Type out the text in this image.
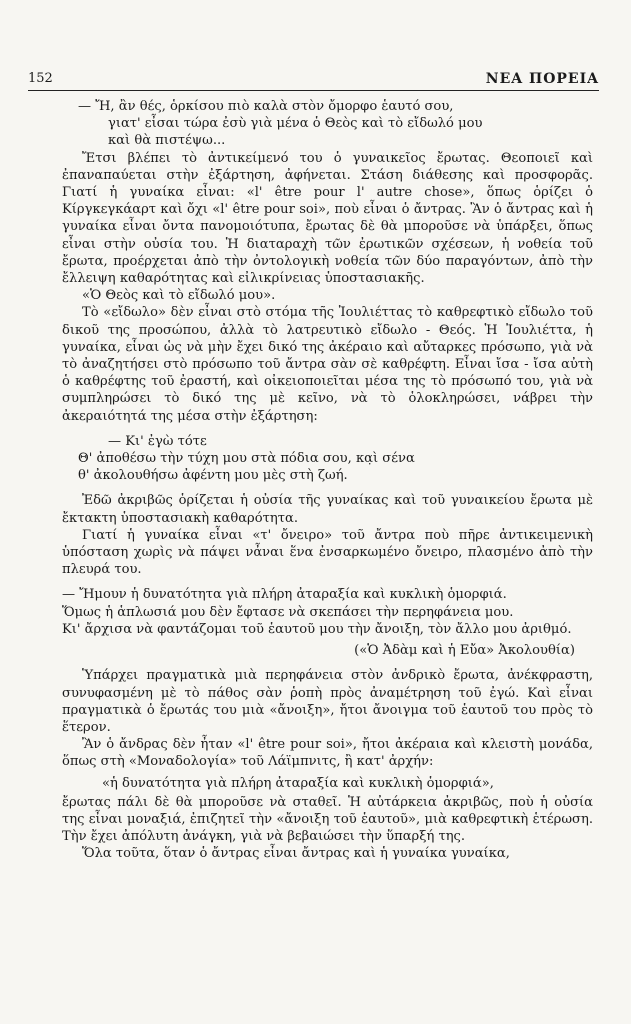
152	ΝΕΑ ΠΟΡΕΙΑ
— Ἤ, ἂν θές, ὁρκίσου πιὸ καλὰ στὸν ὄμορφο ἑαυτό σου,
γιατ' εἶσαι τώρα ἐσὺ γιὰ μένα ὁ Θεὸς καὶ τὸ εἴδωλό μου
καὶ θὰ πιστέψω...

Ἔτσι βλέπει τὸ ἀντικείμενό του ὁ γυναικεῖος ἔρωτας. Θεοποιεῖ καὶ ἐπαναπαύεται στὴν ἐξάρτηση, ἀφήνεται. Στάση διάθεσης καὶ προσφορᾶς. Γιατί ἡ γυναίκα εἶναι: «l' être pour l' autre chose», ὅπως ὁρίζει ὁ Κίργκεγκάαρτ καὶ ὄχι «l' être pour soi», ποὺ εἶναι ὁ ἄντρας. Ἂν ὁ ἄντρας καὶ ἡ γυναίκα εἶναι ὄντα πανομοιότυπα, ἔρωτας δὲ θὰ μποροῦσε νὰ ὑπάρξει, ὅπως εἶναι στὴν οὐσία του. Ἡ διαταραχὴ τῶν ἐρωτικῶν σχέσεων, ἡ νοθεία τοῦ ἔρωτα, προέρχεται ἀπὸ τὴν ὀντολογικὴ νοθεία τῶν δύο παραγόντων, ἀπὸ τὴν ἔλλειψη καθαρότητας καὶ εἰλικρίνειας ὑποστασιακῆς.

«Ὁ Θεὸς καὶ τὸ εἴδωλό μου».

Τὸ «εἴδωλο» δὲν εἶναι στὸ στόμα τῆς Ἰουλιέττας τὸ καθρεφτικὸ εἴδωλο τοῦ δικοῦ της προσώπου, ἀλλὰ τὸ λατρευτικὸ εἴδωλο - Θεός. Ἡ Ἰουλιέττα, ἡ γυναίκα, εἶναι ὡς νὰ μὴν ἔχει δικό της ἀκέραιο καὶ αὔταρκες πρόσωπο, γιὰ νὰ τὸ ἀναζητήσει στὸ πρόσωπο τοῦ ἄντρα σὰν σὲ καθρέφτη. Εἶναι ἴσα - ἴσα αὐτὴ ὁ καθρέφτης τοῦ ἐραστή, καὶ οἰκειοποιεῖται μέσα της τὸ πρόσωπό του, γιὰ νὰ συμπληρώσει τὸ δικό της μὲ κεῖνο, νὰ τὸ ὁλοκληρώσει, νάβρει τὴν ἀκεραιότητά της μέσα στὴν ἐξάρτηση:

— Κι' ἐγὼ τότε
Θ' ἀποθέσω τὴν τύχη μου στὰ πόδια σου, κα̣ὶ σένα
θ' ἀκολουθήσω ἀφέντη μου μὲς στὴ ζωή.

Ἐδῶ ἀκριβῶς ὁρίζεται ἡ οὐσία τῆς γυναίκας καὶ τοῦ γυναικείου ἔρωτα μὲ ἔκτακτη ὑποστασιακὴ καθαρότητα.

Γιατί ἡ γυναίκα εἶναι «τ' ὄνειρο» τοῦ ἄντρα ποὺ πῆρε ἀντικειμενικὴ ὑπόσταση χωρὶς νὰ πάψει νἆναι ἕνα ἐνσαρκωμένο ὄνειρο, πλασμένο ἀπὸ τὴν πλευρά του.

— Ἤμουν ἡ δυνατότητα γιὰ πλήρη ἀταραξία καὶ κυκλικὴ ὁμορφιά.
Ὅμως ἡ ἁπλωσιά μου δὲν ἔφτασε νὰ σκεπάσει τὴν περηφάνεια μου.
Κι' ἄρχισα νὰ φαντάζομαι τοῦ ἑαυτοῦ μου τὴν ἄνοιξη, τὸν ἄλλο μου ἀριθμό.
(«Ὁ Ἀδὰμ καὶ ἡ Εὔα» Ἀκολουθία)

Ὑπάρχει πραγματικὰ μιὰ περηφάνεια στὸν ἀνδρικὸ ἔρωτα, ἀνέκφραστη, συνυφασμένη μὲ τὸ πάθος σὰν ῥοπὴ πρὸς ἀναμέτρηση τοῦ ἐγώ. Καὶ εἶναι πραγματικὰ ὁ ἔρωτάς του μιὰ «ἄνοιξη», ἤτοι ἄνοιγμα τοῦ ἑαυτοῦ του πρὸς τὸ ἕτερον.

Ἂν ὁ ἄνδρας δὲν ἦταν «l' être pour soi», ἤτοι ἀκέραια καὶ κλειστὴ μονάδα, ὅπως στὴ «Μοναδολογία» τοῦ Λάϊμπνιτς, ἢ κατ' ἀρχήν:

«ἡ δυνατότητα γιὰ πλήρη ἀταραξία καὶ κυκλικὴ ὁμορφιά»,

ἔρωτας πάλι δὲ θὰ μποροῦσε νὰ σταθεῖ. Ἡ αὐτάρκεια ἀκριβῶς, ποὺ ἡ οὐσία της εἶναι μοναξιά, ἐπιζητεῖ τὴν «ἄνοιξη τοῦ ἑαυτοῦ», μιὰ καθρεφτικὴ ἑτέρωση. Τὴν ἔχει ἀπόλυτη ἀνάγκη, γιὰ νὰ βεβαιώσει τὴν ὕπαρξή της.

Ὅλα τοῦτα, ὅταν ὁ ἄντρας εἶναι ἄντρας καὶ ἡ γυναίκα γυναίκα,
